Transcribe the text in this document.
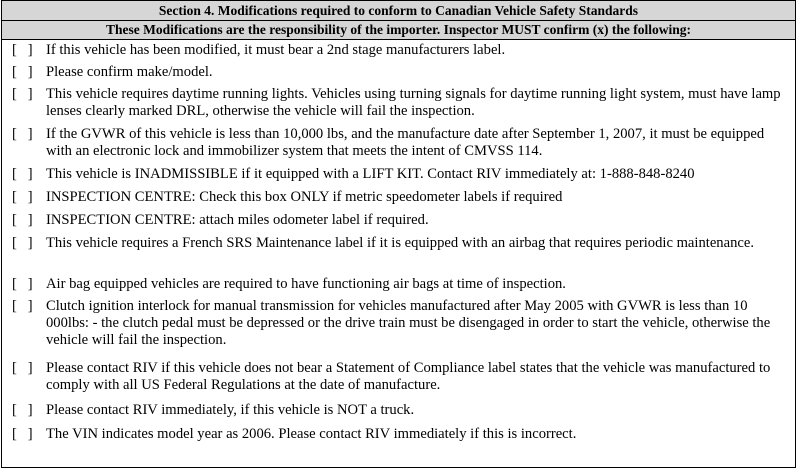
Section 4. Modifications required to conform to Canadian Vehicle Safety Standards
These Modifications are the responsibility of the importer. Inspector MUST confirm (x) the following:
[   ] If this vehicle has been modified, it must bear a 2nd stage manufacturers label.
[   ] Please confirm make/model.
[   ] This vehicle requires daytime running lights. Vehicles using turning signals for daytime running light system, must have lamp lenses clearly marked DRL, otherwise the vehicle will fail the inspection.
[   ] If the GVWR of this vehicle is less than 10,000 lbs, and the manufacture date after September 1, 2007, it must be equipped with an electronic lock and immobilizer system that meets the intent of CMVSS 114.
[   ] This vehicle is INADMISSIBLE if it equipped with a LIFT KIT. Contact RIV immediately at: 1-888-848-8240
[   ] INSPECTION CENTRE: Check this box ONLY if metric speedometer labels if required
[   ] INSPECTION CENTRE: attach miles odometer label if required.
[   ] This vehicle requires a French SRS Maintenance label if it is equipped with an airbag that requires periodic maintenance.
[   ] Air bag equipped vehicles are required to have functioning air bags at time of inspection.
[   ] Clutch ignition interlock for manual transmission for vehicles manufactured after May 2005 with GVWR is less than 10 000lbs: - the clutch pedal must be depressed or the drive train must be disengaged in order to start the vehicle, otherwise the vehicle will fail the inspection.
[   ] Please contact RIV if this vehicle does not bear a Statement of Compliance label states that the vehicle was manufactured to comply with all US Federal Regulations at the date of manufacture.
[   ] Please contact RIV immediately, if this vehicle is NOT a truck.
[   ] The VIN indicates model year as 2006. Please contact RIV immediately if this is incorrect.
